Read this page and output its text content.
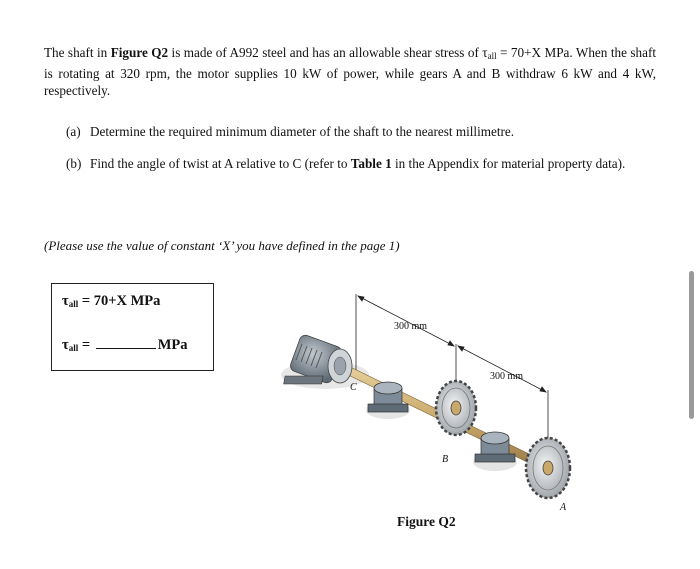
The shaft in Figure Q2 is made of A992 steel and has an allowable shear stress of $\tau_{all} = 70+X$ MPa. When the shaft is rotating at 320 rpm, the motor supplies 10 kW of power, while gears A and B withdraw 6 kW and 4 kW, respectively.
(a) Determine the required minimum diameter of the shaft to the nearest millimetre.
(b) Find the angle of twist at A relative to C (refer to Table 1 in the Appendix for material property data).
(Please use the value of constant ‘X’ you have defined in the page 1)
$\tau_{all} = 70+X$ MPa
$\tau_{all}$ =	MPa
300 mm
300 mm
C
B
A
Figure Q2
